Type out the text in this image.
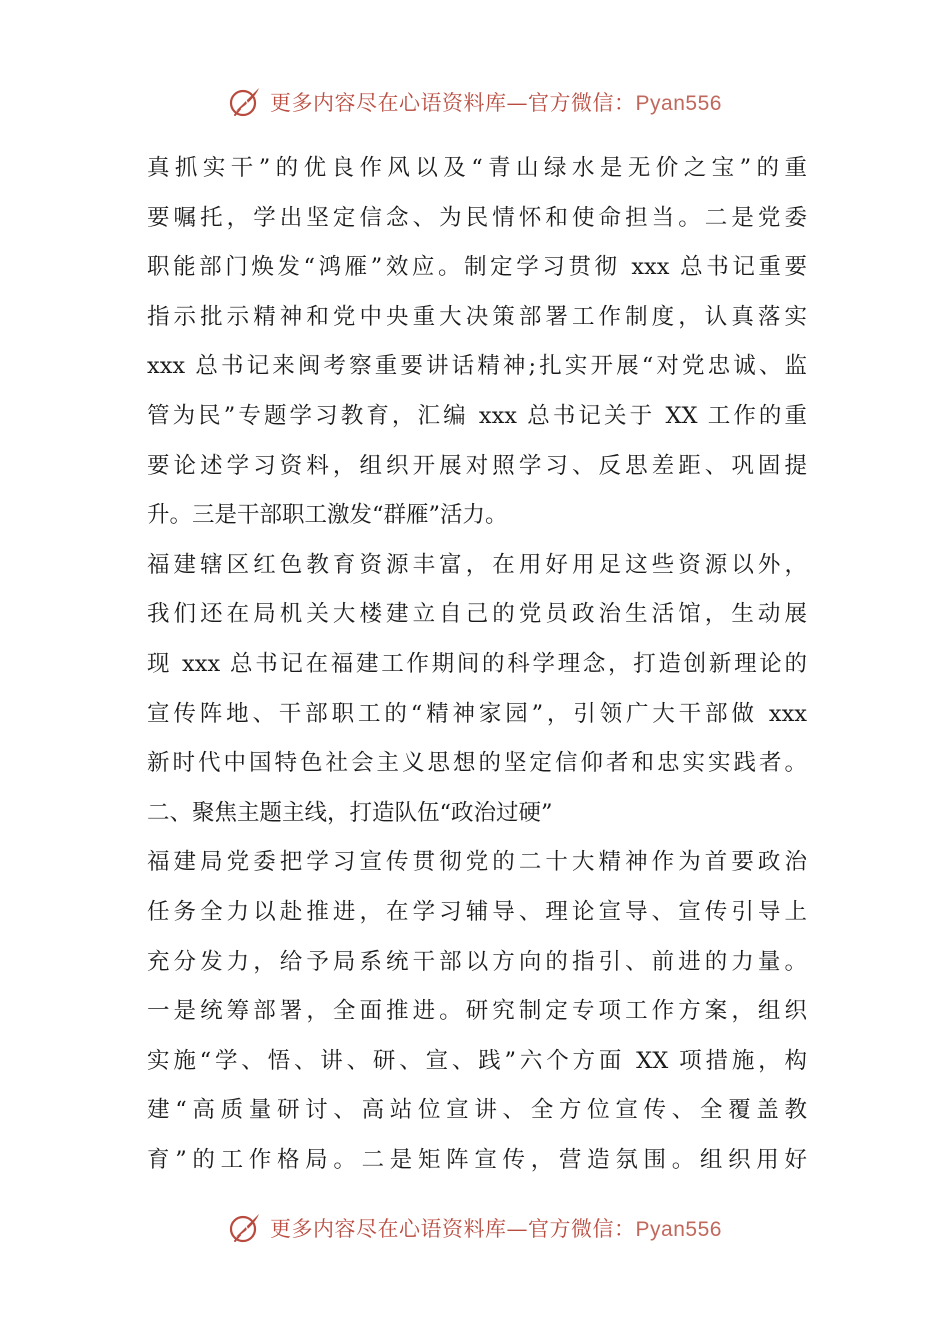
更多内容尽在心语资料库—官方微信：Pyan556
真抓实干”的优良作风以及“青山绿水是无价之宝”的重
要嘱托，学出坚定信念、为民情怀和使命担当。二是党委
职能部门焕发“鸿雁”效应。制定学习贯彻 xxx 总书记重要
指示批示精神和党中央重大决策部署工作制度，认真落实
xxx 总书记来闽考察重要讲话精神;扎实开展“对党忠诚、监
管为民”专题学习教育，汇编 xxx 总书记关于 XX 工作的重
要论述学习资料，组织开展对照学习、反思差距、巩固提
升。三是干部职工激发“群雁”活力。
福建辖区红色教育资源丰富，在用好用足这些资源以外，
我们还在局机关大楼建立自己的党员政治生活馆，生动展
现 xxx 总书记在福建工作期间的科学理念，打造创新理论的
宣传阵地、干部职工的“精神家园”，引领广大干部做 xxx
新时代中国特色社会主义思想的坚定信仰者和忠实实践者。
二、聚焦主题主线，打造队伍“政治过硬”
福建局党委把学习宣传贯彻党的二十大精神作为首要政治
任务全力以赴推进，在学习辅导、理论宣导、宣传引导上
充分发力，给予局系统干部以方向的指引、前进的力量。
一是统筹部署，全面推进。研究制定专项工作方案，组织
实施“学、悟、讲、研、宣、践”六个方面 XX 项措施，构
建“高质量研讨、高站位宣讲、全方位宣传、全覆盖教
育”的工作格局。二是矩阵宣传，营造氛围。组织用好
更多内容尽在心语资料库—官方微信：Pyan556
